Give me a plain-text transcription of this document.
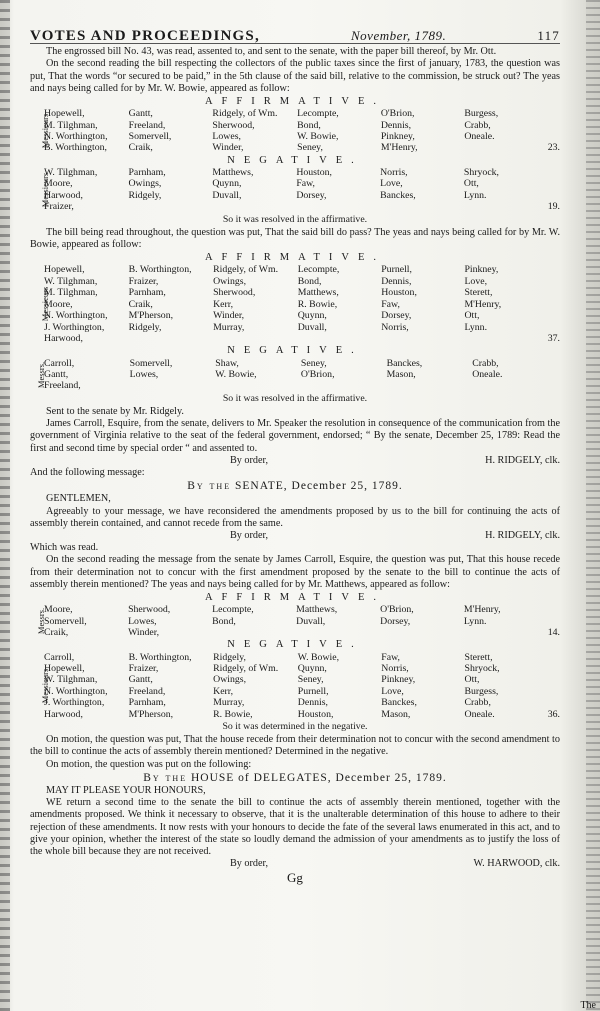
VOTES AND PROCEEDINGS,	November, 1789.	117

The engrossed bill No. 43, was read, assented to, and sent to the senate, with the paper bill thereof, by Mr. Ott.

On the second reading the bill respecting the collectors of the public taxes since the first of january, 1783, the question was put, That the words “or secured to be paid,” in the 5th clause of the said bill, relative to the commission, be struck out? The yeas and nays being called for by Mr. W. Bowie, appeared as follow:

AFFIRMATIVE.
Messieurs
Hopewell,	Gantt,	Ridgely, of Wm.	Lecompte,	O'Brion,	Burgess,	
M. Tilghman,	Freeland,	Sherwood,	Bond,	Dennis,	Crabb,	
N. Worthington,	Somervell,	Lowes,	W. Bowie,	Pinkney,	Oneale.	
B. Worthington,	Craik,	Winder,	Seney,	M'Henry,		23.
NEGATIVE.
Messieurs
W. Tilghman,	Parnham,	Matthews,	Houston,	Norris,	Shryock,	
Moore,	Owings,	Quynn,	Faw,	Love,	Ott,	
Harwood,	Ridgely,	Duvall,	Dorsey,	Banckes,	Lynn.	
Fraizer,						19.
So it was resolved in the affirmative.

The bill being read throughout, the question was put, That the said bill do pass? The yeas and nays being called for by Mr. W. Bowie, appeared as follow:

AFFIRMATIVE.
Messieurs
Hopewell,	B. Worthington,	Ridgely, of Wm.	Lecompte,	Purnell,	Pinkney,	
W. Tilghman,	Fraizer,	Owings,	Bond,	Dennis,	Love,	
M. Tilghman,	Parnham,	Sherwood,	Matthews,	Houston,	Sterett,	
Moore,	Craik,	Kerr,	R. Bowie,	Faw,	M'Henry,	
N. Worthington,	M'Pherson,	Winder,	Quynn,	Dorsey,	Ott,	
J. Worthington,	Ridgely,	Murray,	Duvall,	Norris,	Lynn.	
Harwood,						37.
NEGATIVE.
Messrs.
Carroll,	Somervell,	Shaw,	Seney,	Banckes,	Crabb,	
Gantt,	Lowes,	W. Bowie,	O'Brion,	Mason,	Oneale.	
Freeland,						
So it was resolved in the affirmative.

Sent to the senate by Mr. Ridgely.

James Carroll, Esquire, from the senate, delivers to Mr. Speaker the resolution in consequence of the communication from the government of Virginia relative to the seat of the federal government, endorsed; “ By the senate, December 25, 1789: Read the first and second time by special order “ and assented to.

By order,	H. RIDGELY, clk.

And the following message:

By the SENATE, December 25, 1789.

GENTLEMEN,

Agreeably to your message, we have reconsidered the amendments proposed by us to the bill for continuing the acts of assembly therein contained, and cannot recede from the same.

By order,	H. RIDGELY, clk.

Which was read.

On the second reading the message from the senate by James Carroll, Esquire, the question was put, That this house recede from their determination not to concur with the first amendment proposed by the senate to the bill to continue the acts of assembly therein mentioned? The yeas and nays being called for by Mr. Matthews, appeared as follow:

AFFIRMATIVE.
Messrs.
Moore,	Sherwood,	Lecompte,	Matthews,	O'Brion,	M'Henry,	
Somervell,	Lowes,	Bond,	Duvall,	Dorsey,	Lynn.	
Craik,	Winder,					14.
NEGATIVE.
Messieurs
Carroll,	B. Worthington,	Ridgely,	W. Bowie,	Faw,	Sterett,	
Hopewell,	Fraizer,	Ridgely, of Wm.	Quynn,	Norris,	Shryock,	
W. Tilghman,	Gantt,	Owings,	Seney,	Pinkney,	Ott,	
N. Worthington,	Freeland,	Kerr,	Purnell,	Love,	Burgess,	
J. Worthington,	Parnham,	Murray,	Dennis,	Banckes,	Crabb,	
Harwood,	M'Pherson,	R. Bowie,	Houston,	Mason,	Oneale.	36.
So it was determined in the negative.

On motion, the question was put, That the house recede from their determination not to concur with the second amendment to the bill to continue the acts of assembly therein mentioned? Determined in the negative.

On motion, the question was put on the following:

By the HOUSE of DELEGATES, December 25, 1789.

MAY IT PLEASE YOUR HONOURS,

WE return a second time to the senate the bill to continue the acts of assembly therein mentioned, together with the amendments proposed. We think it necessary to observe, that it is the unalterable determination of this house to adhere to their rejection of these amendments. It now rests with your honours to decide the fate of the several laws enumerated in this act, and to give your opinion, whether the interest of the state so loudly demand the admission of your amendments as to justify the loss of the whole bill because they are not received.

By order,	W. HARWOOD, clk.
Gg
The
